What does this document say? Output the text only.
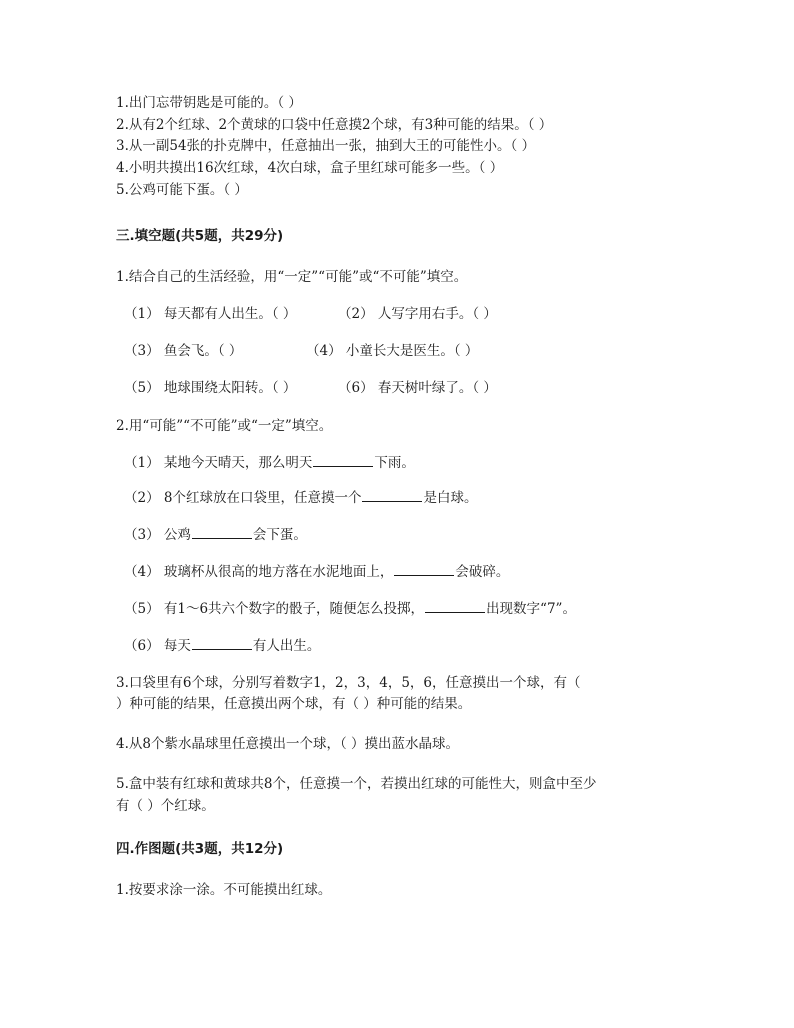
1.出门忘带钥匙是可能的。（ ）
2.从有2个红球、2个黄球的口袋中任意摸2个球，有3种可能的结果。（ ）
3.从一副54张的扑克牌中，任意抽出一张，抽到大王的可能性小。（ ）
4.小明共摸出16次红球，4次白球，盒子里红球可能多一些。（ ）
5.公鸡可能下蛋。（ ）
三.填空题(共5题，共29分)
1.结合自己的生活经验，用“一定”“可能”或“不可能”填空。
（1） 每天都有人出生。（ ）	（2） 人写字用右手。（ ）
（3） 鱼会飞。（ ）	（4） 小童长大是医生。（ ）
（5） 地球围绕太阳转。（ ）	（6） 春天树叶绿了。（ ）
2.用“可能”“不可能”或“一定”填空。
（1） 某地今天晴天，那么明天	下雨。
（2） 8个红球放在口袋里，任意摸一个	是白球。
（3） 公鸡	会下蛋。
（4） 玻璃杯从很高的地方落在水泥地面上，	会破碎。
（5） 有1～6共六个数字的骰子，随便怎么投掷，	出现数字“7”。
（6） 每天	有人出生。
3.口袋里有6个球，分别写着数字1，2，3，4，5，6，任意摸出一个球，有（
）种可能的结果，任意摸出两个球，有（ ）种可能的结果。
4.从8个紫水晶球里任意摸出一个球，（ ）摸出蓝水晶球。
5.盒中装有红球和黄球共8个，任意摸一个，若摸出红球的可能性大，则盒中至少
有（ ）个红球。
四.作图题(共3题，共12分)
1.按要求涂一涂。不可能摸出红球。
